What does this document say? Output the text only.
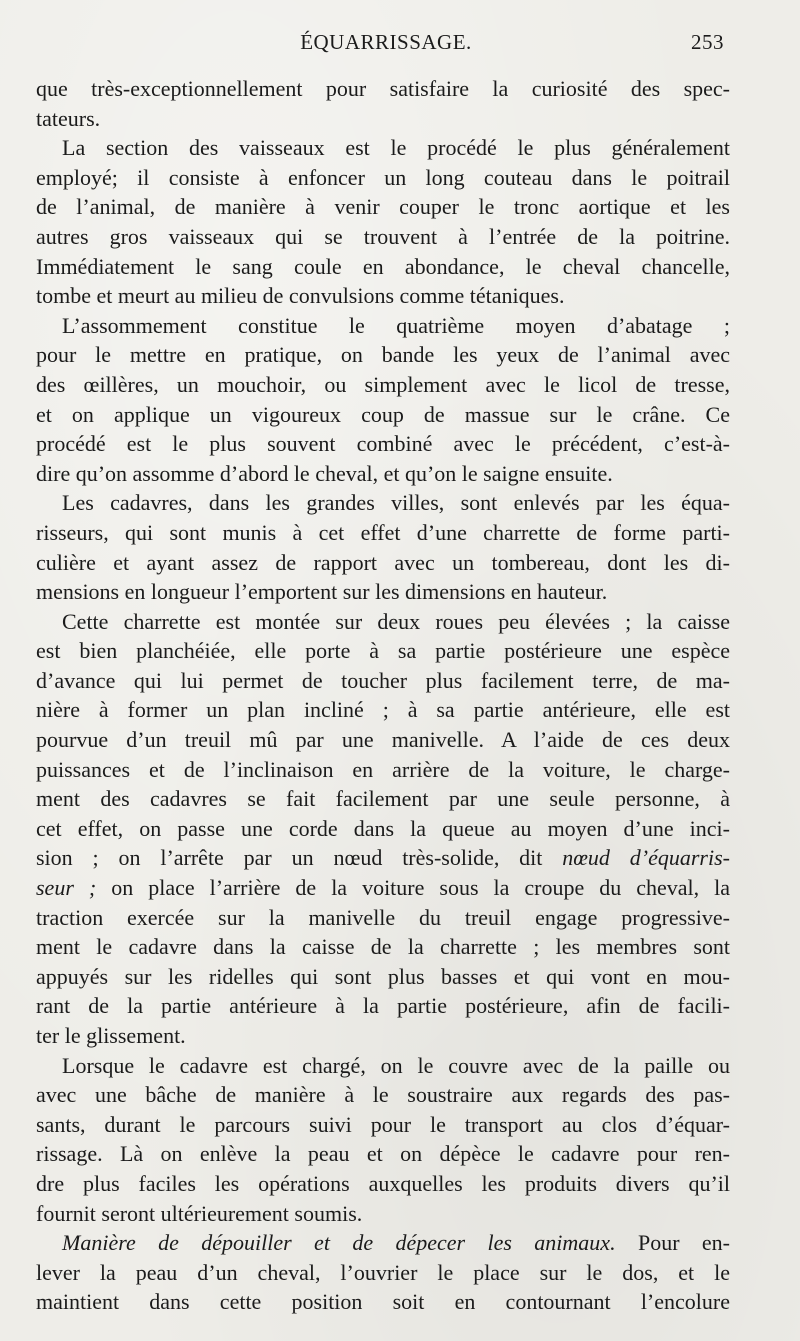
ÉQUARRISSAGE.	253
que très-exceptionnellement pour satisfaire la curiosité des spec-
tateurs.
La section des vaisseaux est le procédé le plus généralement
employé; il consiste à enfoncer un long couteau dans le poitrail
de l’animal, de manière à venir couper le tronc aortique et les
autres gros vaisseaux qui se trouvent à l’entrée de la poitrine.
Immédiatement le sang coule en abondance, le cheval chancelle,
tombe et meurt au milieu de convulsions comme tétaniques.
L’assommement constitue le quatrième moyen d’abatage ;
pour le mettre en pratique, on bande les yeux de l’animal avec
des œillères, un mouchoir, ou simplement avec le licol de tresse,
et on applique un vigoureux coup de massue sur le crâne. Ce
procédé est le plus souvent combiné avec le précédent, c’est-à-
dire qu’on assomme d’abord le cheval, et qu’on le saigne ensuite.
Les cadavres, dans les grandes villes, sont enlevés par les équa-
risseurs, qui sont munis à cet effet d’une charrette de forme parti-
culière et ayant assez de rapport avec un tombereau, dont les di-
mensions en longueur l’emportent sur les dimensions en hauteur.
Cette charrette est montée sur deux roues peu élevées ; la caisse
est bien planchéiée, elle porte à sa partie postérieure une espèce
d’avance qui lui permet de toucher plus facilement terre, de ma-
nière à former un plan incliné ; à sa partie antérieure, elle est
pourvue d’un treuil mû par une manivelle. A l’aide de ces deux
puissances et de l’inclinaison en arrière de la voiture, le charge-
ment des cadavres se fait facilement par une seule personne, à
cet effet, on passe une corde dans la queue au moyen d’une inci-
sion ; on l’arrête par un nœud très-solide, dit nœud d’équarris-
seur ; on place l’arrière de la voiture sous la croupe du cheval, la
traction exercée sur la manivelle du treuil engage progressive-
ment le cadavre dans la caisse de la charrette ; les membres sont
appuyés sur les ridelles qui sont plus basses et qui vont en mou-
rant de la partie antérieure à la partie postérieure, afin de facili-
ter le glissement.
Lorsque le cadavre est chargé, on le couvre avec de la paille ou
avec une bâche de manière à le soustraire aux regards des pas-
sants, durant le parcours suivi pour le transport au clos d’équar-
rissage. Là on enlève la peau et on dépèce le cadavre pour ren-
dre plus faciles les opérations auxquelles les produits divers qu’il
fournit seront ultérieurement soumis.
Manière de dépouiller et de dépecer les animaux. Pour en-
lever la peau d’un cheval, l’ouvrier le place sur le dos, et le
maintient dans cette position soit en contournant l’encolure
